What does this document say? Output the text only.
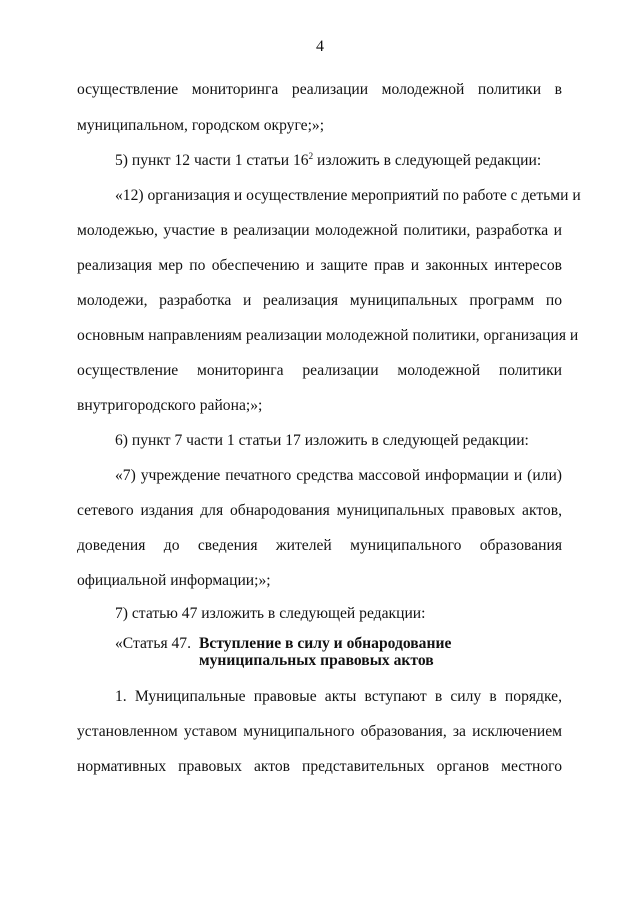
4
осуществление мониторинга реализации молодежной политики в
муниципальном, городском округе;»;
5) пункт 12 части 1 статьи $16^2$ изложить в следующей редакции:
«12) организация и осуществление мероприятий по работе с детьми и
молодежью, участие в реализации молодежной политики, разработка и
реализация мер по обеспечению и защите прав и законных интересов
молодежи, разработка и реализация муниципальных программ по
основным направлениям реализации молодежной политики, организация и
осуществление мониторинга реализации молодежной политики
внутригородского района;»;
6) пункт 7 части 1 статьи 17 изложить в следующей редакции:
«7) учреждение печатного средства массовой информации и (или)
сетевого издания для обнародования муниципальных правовых актов,
доведения до сведения жителей муниципального образования
официальной информации;»;
7) статью 47 изложить в следующей редакции:
«Статья 47. Вступление в силу и обнародование муниципальных правовых актов
1. Муниципальные правовые акты вступают в силу в порядке,
установленном уставом муниципального образования, за исключением
нормативных правовых актов представительных органов местного
